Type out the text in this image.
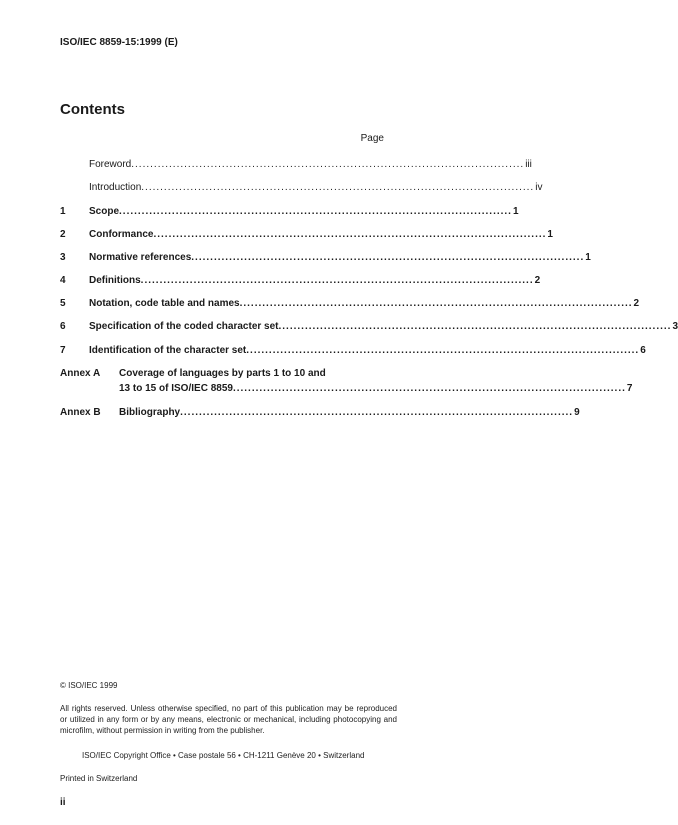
ISO/IEC 8859-15:1999 (E)
Contents
Page
Foreword ........................................................................................................ iii
Introduction ........................................................................................................ iv
1	Scope ........................................................................................................ 1
2	Conformance ........................................................................................................ 1
3	Normative references ........................................................................................................ 1
4	Definitions ........................................................................................................ 2
5	Notation, code table and names ........................................................................................................ 2
6	Specification of the coded character set ........................................................................................................ 3
7	Identification of the character set ........................................................................................................ 6
Annex A	Coverage of languages by parts 1 to 10 and
13 to 15 of ISO/IEC 8859 ........................................................................................................ 7
Annex B	Bibliography ........................................................................................................ 9
© ISO/IEC 1999
All rights reserved. Unless otherwise specified, no part of this publication may be reproduced or utilized in any form or by any means, electronic or mechanical, including photocopying and microfilm, without permission in writing from the publisher.
ISO/IEC Copyright Office • Case postale 56 • CH-1211 Genève 20 • Switzerland
Printed in Switzerland
ii
